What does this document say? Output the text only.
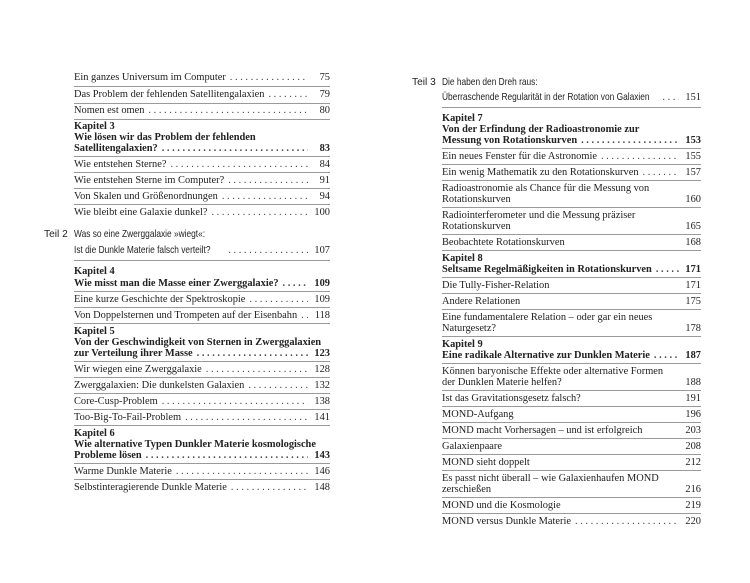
Ein ganzes Universum im Computer . . .	75
Das Problem der fehlenden Satellitengalaxien . . .	79
Nomen est omen . . .	80
Kapitel 3
Wie lösen wir das Problem der fehlenden
Satellitengalaxien? . . .	83
Wie entstehen Sterne? . . .	84
Wie entstehen Sterne im Computer? . . .	91
Von Skalen und Größenordnungen . . .	94
Wie bleibt eine Galaxie dunkel? . . .	100
Teil 2 Was so eine Zwerggalaxie »wiegt«:
Ist die Dunkle Materie falsch verteilt? . . .	107
Kapitel 4
Wie misst man die Masse einer Zwerggalaxie? . . .	109
Eine kurze Geschichte der Spektroskopie . . .	109
Von Doppelsternen und Trompeten auf der Eisenbahn . . . 118
Kapitel 5
Von der Geschwindigkeit von Sternen in Zwerggalaxien
zur Verteilung ihrer Masse . . .	123
Wir wiegen eine Zwerggalaxie . . .	128
Zwerggalaxien: Die dunkelsten Galaxien . . .	132
Core-Cusp-Problem . . .	138
Too-Big-To-Fail-Problem . . .	141
Kapitel 6
Wie alternative Typen Dunkler Materie kosmologische
Probleme lösen . . .	143
Warme Dunkle Materie . . .	146
Selbstinteragierende Dunkle Materie . . .	148
Teil 3 Die haben den Dreh raus:
Überraschende Regularität in der Rotation von Galaxien . . .	151
Kapitel 7
Von der Erfindung der Radioastronomie zur
Messung von Rotationskurven . . .	153
Ein neues Fenster für die Astronomie . . .	155
Ein wenig Mathematik zu den Rotationskurven . . .	157
Radioastronomie als Chance für die Messung von
Rotationskurven	160
Radiointerferometer und die Messung präziser
Rotationskurven	165
Beobachtete Rotationskurven	168
Kapitel 8
Seltsame Regelmäßigkeiten in Rotationskurven . . .	171
Die Tully-Fisher-Relation	171
Andere Relationen	175
Eine fundamentalere Relation – oder gar ein neues
Naturgesetz?	178
Kapitel 9
Eine radikale Alternative zur Dunklen Materie . . .	187
Können baryonische Effekte oder alternative Formen
der Dunklen Materie helfen?	188
Ist das Gravitationsgesetz falsch?	191
MOND-Aufgang	196
MOND macht Vorhersagen – und ist erfolgreich	203
Galaxienpaare	208
MOND sieht doppelt	212
Es passt nicht überall – wie Galaxienhaufen MOND
zerschießen	216
MOND und die Kosmologie	219
MOND versus Dunkle Materie . . .	220
